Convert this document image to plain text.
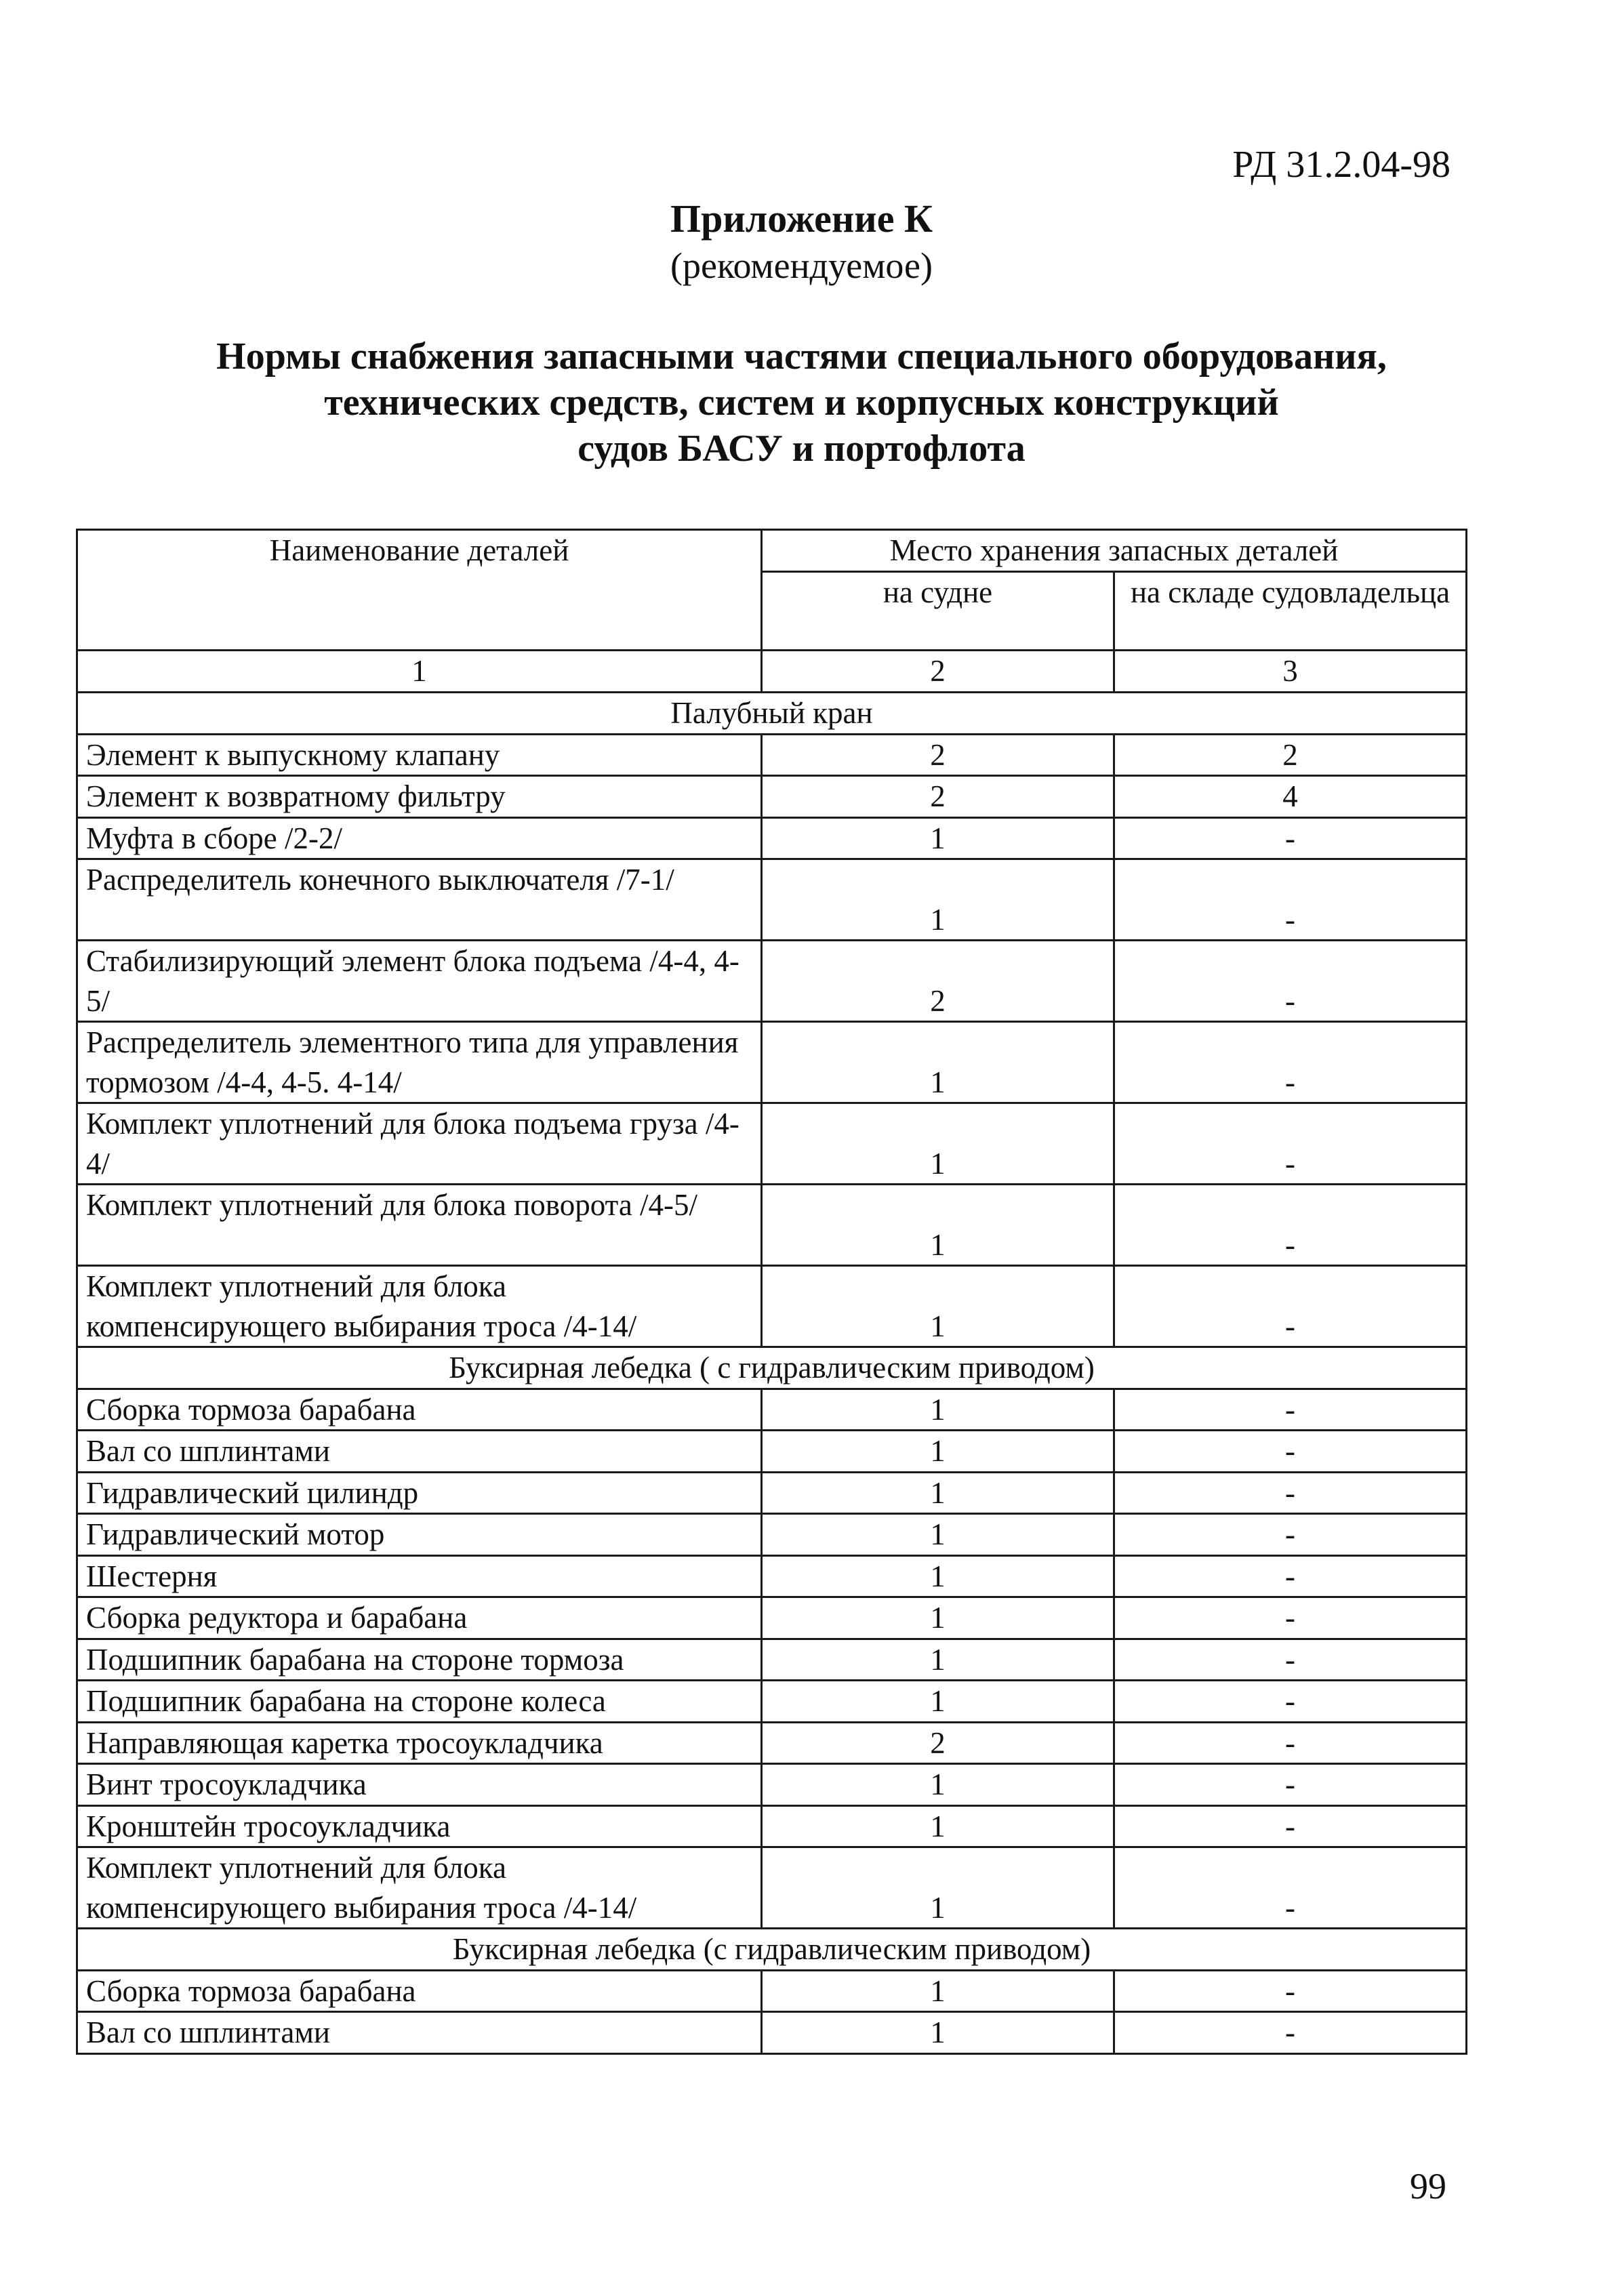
РД 31.2.04-98
Приложение К
(рекомендуемое)
Нормы снабжения запасными частями специального оборудования,
технических средств, систем и корпусных конструкций
судов БАСУ и портофлота
Наименование деталей	Место хранения запасных деталей	
	на судне	на складе судовладельца
1	2	3
Палубный кран		
Элемент к выпускному клапану	2	2
Элемент к возвратному фильтру	2	4
Муфта в сборе /2-2/	1	-
Распределитель конечного выключателя /7-1/	1	-
Стабилизирующий элемент блока подъема /4-4, 4-5/	2	-
Распределитель элементного типа для управления тормозом /4-4, 4-5. 4-14/	1	-
Комплект уплотнений для блока подъема груза /4-4/	1	-
Комплект уплотнений для блока поворота /4-5/	1	-
Комплект уплотнений для блока компенсирующего выбирания троса /4-14/	1	-
Буксирная лебедка ( с гидравлическим приводом)		
Сборка тормоза барабана	1	-
Вал со шплинтами	1	-
Гидравлический цилиндр	1	-
Гидравлический мотор	1	-
Шестерня	1	-
Сборка редуктора и барабана	1	-
Подшипник барабана на стороне тормоза	1	-
Подшипник барабана на стороне колеса	1	-
Направляющая каретка тросоукладчика	2	-
Винт тросоукладчика	1	-
Кронштейн тросоукладчика	1	-
Комплект уплотнений для блока компенсирующего выбирания троса /4-14/	1	-
Буксирная лебедка (с гидравлическим приводом)		
Сборка тормоза барабана	1	-
Вал со шплинтами	1	-
99
